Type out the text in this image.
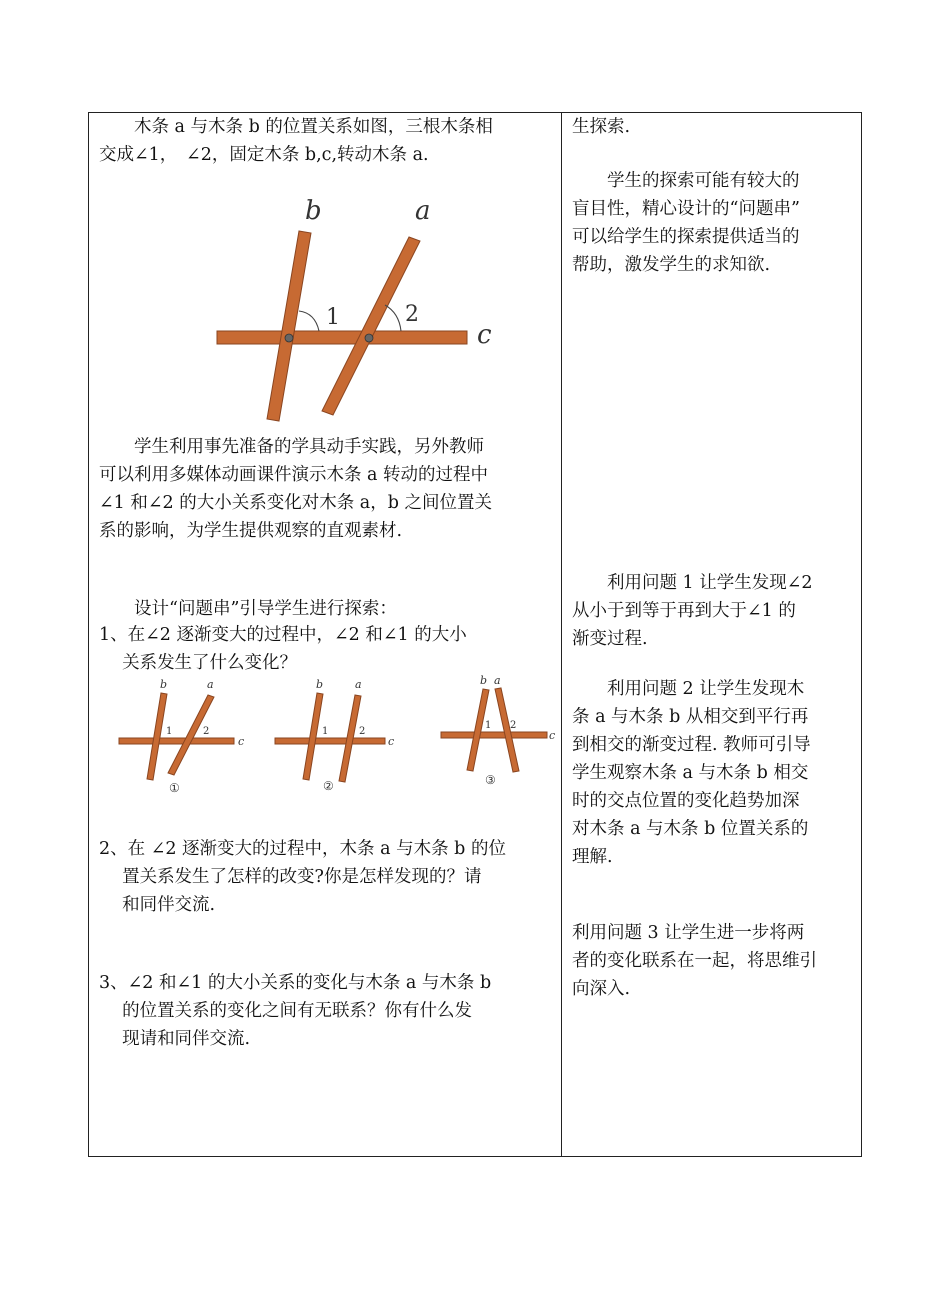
　　木条 a 与木条 b 的位置关系如图，三根木条相
交成∠1，　∠2，固定木条 b,c,转动木条 a.
b	a
c
1	2
　　学生利用事先准备的学具动手实践，另外教师
可以利用多媒体动画课件演示木条 a 转动的过程中
∠1 和∠2 的大小关系变化对木条 a，b 之间位置关
系的影响，为学生提供观察的直观素材.
　　设计“问题串”引导学生进行探索：
1、在∠2 逐渐变大的过程中，∠2 和∠1 的大小
　 关系发生了什么变化？
b	a
c
1	2
①
b	a
c
1	2
②
b a
c
1 2
③
2、在 ∠2 逐渐变大的过程中，木条 a 与木条 b 的位
　 置关系发生了怎样的改变?你是怎样发现的？请
　 和同伴交流.
3、∠2 和∠1 的大小关系的变化与木条 a 与木条 b
　 的位置关系的变化之间有无联系？你有什么发
　 现请和同伴交流.
生探索.
　　学生的探索可能有较大的
盲目性，精心设计的“问题串”
可以给学生的探索提供适当的
帮助，激发学生的求知欲.
　　利用问题 1 让学生发现∠2
从小于到等于再到大于∠1 的
渐变过程.
　　利用问题 2 让学生发现木
条 a 与木条 b 从相交到平行再
到相交的渐变过程. 教师可引导
学生观察木条 a 与木条 b 相交
时的交点位置的变化趋势加深
对木条 a 与木条 b 位置关系的
理解.
利用问题 3 让学生进一步将两
者的变化联系在一起，将思维引
向深入.
